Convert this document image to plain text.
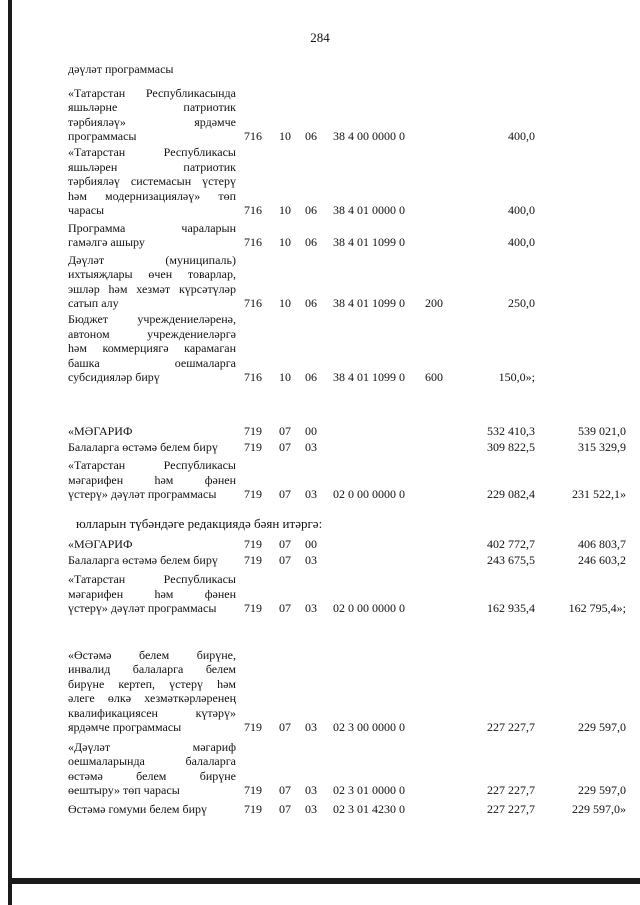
284
дәүләт программасы
юлларын түбәндәге редакциядә бәян итәргә:
«Татарстан Республикасында
яшьләрне патриотик
тәрбияләү» ярдәмче
программасы	716 10 06 38 4 00 0000 0	400,0
«Татарстан Республикасы
яшьләрен патриотик
тәрбияләү системасын үстерү
һәм модернизацияләү» төп
чарасы	716 10 06 38 4 01 0000 0	400,0
Программа чараларын
гамәлгә ашыру	716 10 06 38 4 01 1099 0	400,0
Дәүләт (муниципаль)
ихтыяҗлары өчен товарлар,
эшләр һәм хезмәт күрсәтүләр
сатып алу	716 10 06 38 4 01 1099 0 200	250,0
Бюджет учреждениеләренә,
автоном учреждениеләргә
һәм коммерциягә карамаган
башка оешмаларга
субсидияләр бирү	716 10 06 38 4 01 1099 0 600	150,0»;
«МӘГАРИФ	719 07 00	532 410,3	539 021,0
Балаларга өстәмә белем бирү	719 07 03	309 822,5	315 329,9
«Татарстан Республикасы
мәгарифен һәм фәнен
үстерү» дәүләт программасы	719 07 03 02 0 00 0000 0	229 082,4	231 522,1»
«МӘГАРИФ	719 07 00	402 772,7	406 803,7
Балаларга өстәмә белем бирү	719 07 03	243 675,5	246 603,2
«Татарстан Республикасы
мәгарифен һәм фәнен
үстерү» дәүләт программасы	719 07 03 02 0 00 0000 0	162 935,4	162 795,4»;
«Өстәмә белем бирүне,
инвалид балаларга белем
бирүне кертеп, үстерү һәм
әлеге өлкә хезмәткәрләренең
квалификациясен күтәрү»
ярдәмче программасы	719 07 03 02 3 00 0000 0	227 227,7	229 597,0
«Дәүләт мәгариф
оешмаларында балаларга
өстәмә белем бирүне
өештыру» төп чарасы	719 07 03 02 3 01 0000 0	227 227,7	229 597,0
Өстәмә гомуми белем бирү	719 07 03 02 3 01 4230 0	227 227,7	229 597,0»
